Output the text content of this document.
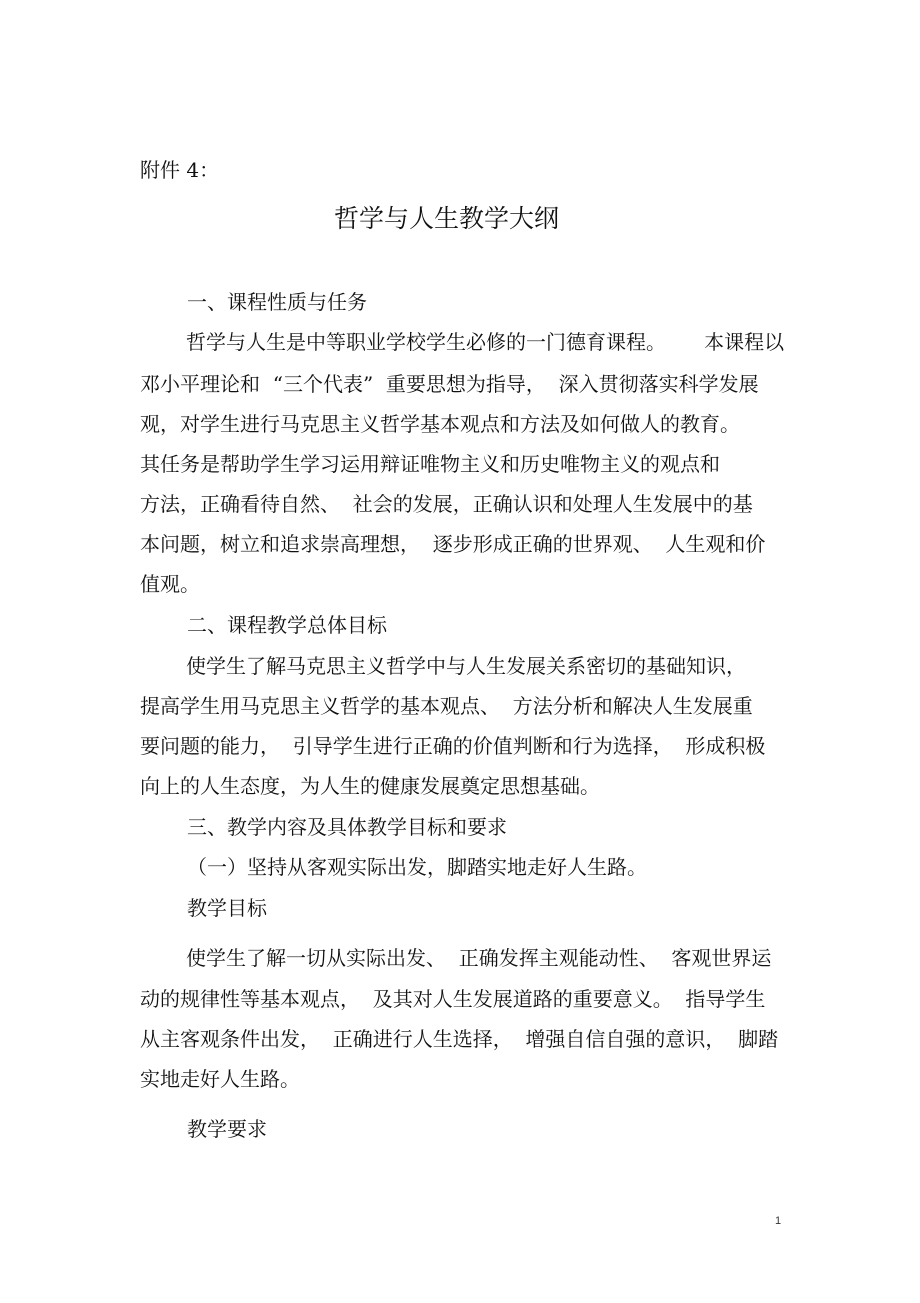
附件 4：
哲学与人生教学大纲
一、课程性质与任务
哲学与人生是中等职业学校学生必修的一门德育课程。      本课程以
邓小平理论和  “三个代表”  重要思想为指导，  深入贯彻落实科学发展
观，对学生进行马克思主义哲学基本观点和方法及如何做人的教育。
其任务是帮助学生学习运用辩证唯物主义和历史唯物主义的观点和
方法，正确看待自然、  社会的发展，正确认识和处理人生发展中的基
本问题，树立和追求崇高理想，  逐步形成正确的世界观、  人生观和价
值观。
二、课程教学总体目标
使学生了解马克思主义哲学中与人生发展关系密切的基础知识，
提高学生用马克思主义哲学的基本观点、  方法分析和解决人生发展重
要问题的能力，  引导学生进行正确的价值判断和行为选择，  形成积极
向上的人生态度，为人生的健康发展奠定思想基础。
三、教学内容及具体教学目标和要求
（一）坚持从客观实际出发，脚踏实地走好人生路。
教学目标
使学生了解一切从实际出发、  正确发挥主观能动性、  客观世界运
动的规律性等基本观点，  及其对人生发展道路的重要意义。  指导学生
从主客观条件出发，  正确进行人生选择，  增强自信自强的意识，  脚踏
实地走好人生路。
教学要求
1
